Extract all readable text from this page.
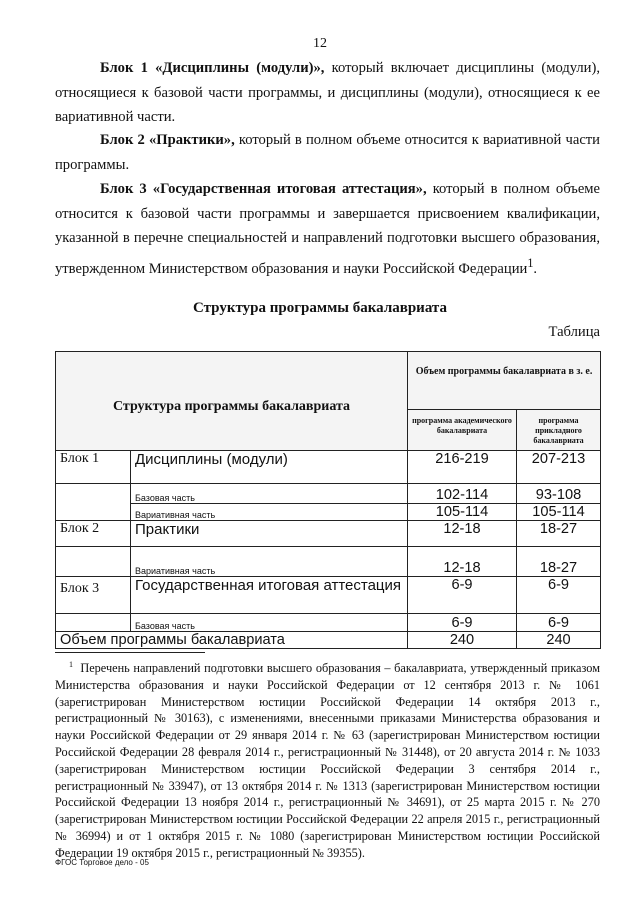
12

Блок 1 «Дисциплины (модули)», который включает дисциплины (модули), относящиеся к базовой части программы, и дисциплины (модули), относящиеся к ее вариативной части.

Блок 2 «Практики», который в полном объеме относится к вариативной части программы.

Блок 3 «Государственная итоговая аттестация», который в полном объеме относится к базовой части программы и завершается присвоением квалификации, указанной в перечне специальностей и направлений подготовки высшего образования, утвержденном Министерством образования и науки Российской Федерации$^1$.

Структура программы бакалавриата
Таблица
Структура программы бакалавриата		Объем программы бакалавриата в з. е.	
		программа академического бакалавриата	программа прикладного бакалавриата
Блок 1	Дисциплины (модули)	216-219	207-213
	Базовая часть	102-114	93-108
	Вариативная часть	105-114	105-114
Блок 2	Практики	12-18	18-27
	Вариативная часть	12-18	18-27
Блок 3	Государственная итоговая аттестация	6-9	6-9
	Базовая часть	6-9	6-9
Объем программы бакалавриата		240	240

$^1$ Перечень направлений подготовки высшего образования – бакалавриата, утвержденный приказом Министерства образования и науки Российской Федерации от 12 сентября 2013 г. № 1061 (зарегистрирован Министерством юстиции Российской Федерации 14 октября 2013 г., регистрационный № 30163), с изменениями, внесенными приказами Министерства образования и науки Российской Федерации от 29 января 2014 г. № 63 (зарегистрирован Министерством юстиции Российской Федерации 28 февраля 2014 г., регистрационный № 31448), от 20 августа 2014 г. № 1033 (зарегистрирован Министерством юстиции Российской Федерации 3 сентября 2014 г., регистрационный № 33947), от 13 октября 2014 г. № 1313 (зарегистрирован Министерством юстиции Российской Федерации 13 ноября 2014 г., регистрационный № 34691), от 25 марта 2015 г. № 270 (зарегистрирован Министерством юстиции Российской Федерации 22 апреля 2015 г., регистрационный № 36994) и от 1 октября 2015 г. № 1080 (зарегистрирован Министерством юстиции Российской Федерации 19 октября 2015 г., регистрационный № 39355).

ФГОС Торговое дело - 05
